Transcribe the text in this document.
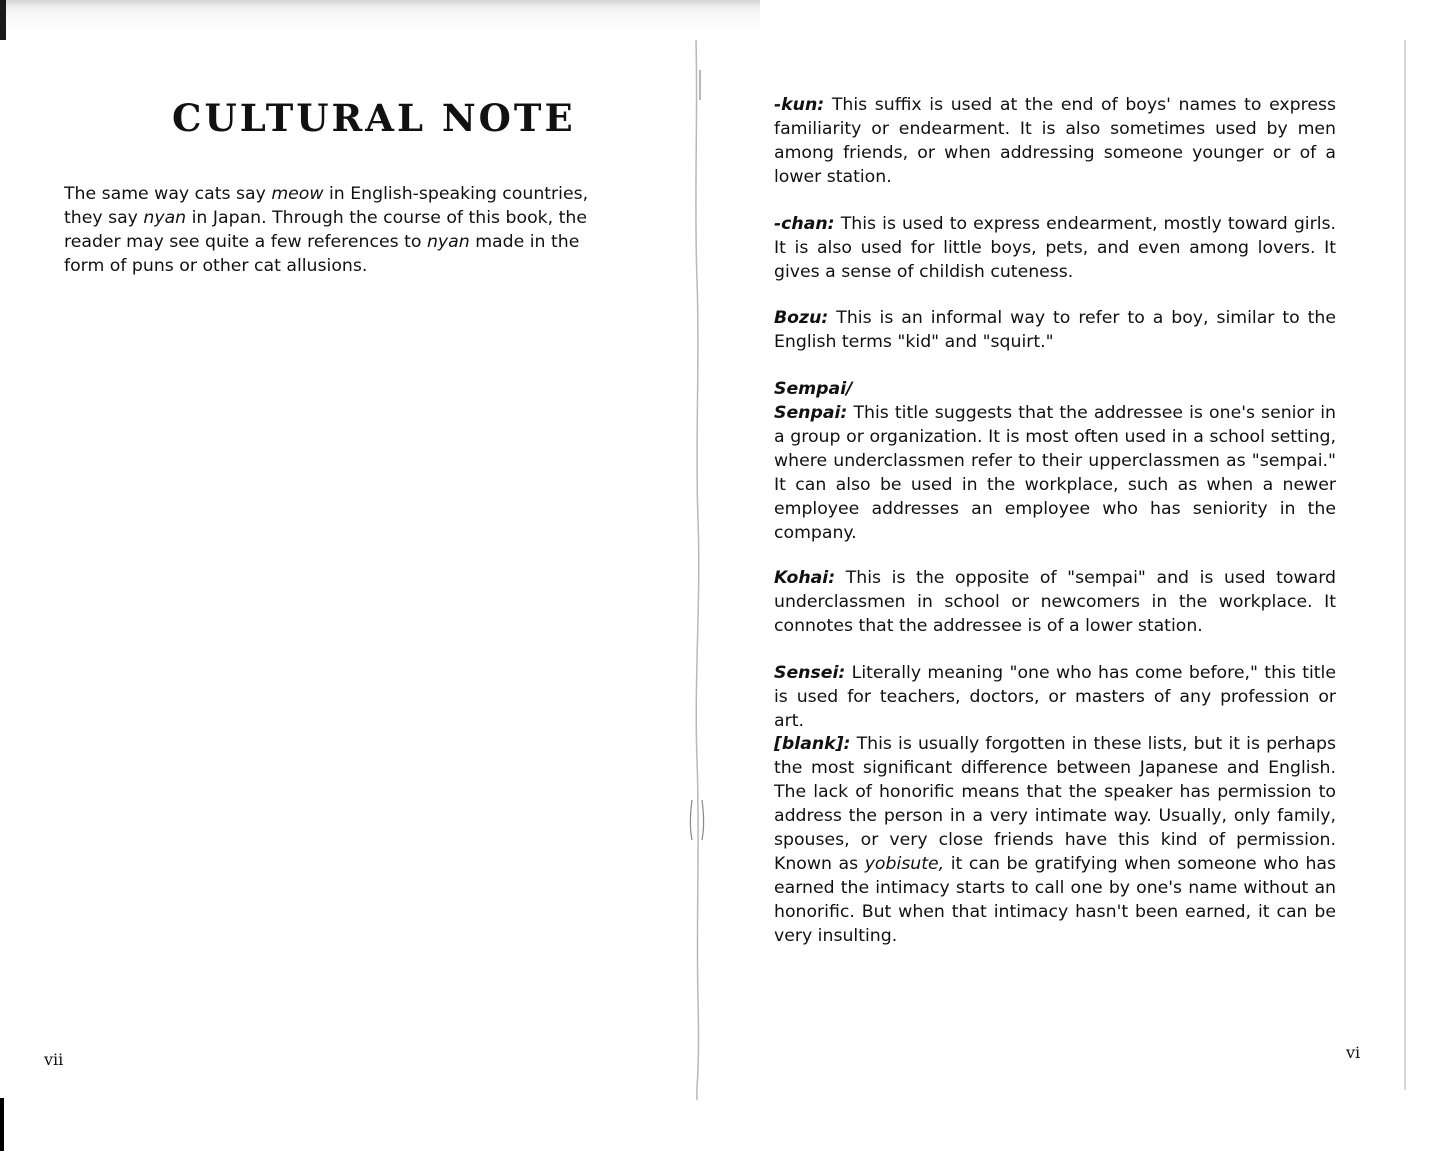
CULTURAL NOTE

The same way cats say meow in English-speaking countries, they say nyan in Japan. Through the course of this book, the reader may see quite a few references to nyan made in the form of puns or other cat allusions.

vii

-kun: This suffix is used at the end of boys' names to express familiarity or endearment. It is also sometimes used by men among friends, or when addressing someone younger or of a lower station.

-chan: This is used to express endearment, mostly toward girls. It is also used for little boys, pets, and even among lovers. It gives a sense of childish cuteness.

Bozu: This is an informal way to refer to a boy, similar to the English terms "kid" and "squirt."

Sempai/
Senpai: This title suggests that the addressee is one's senior in a group or organization. It is most often used in a school setting, where underclassmen refer to their upperclassmen as "sempai." It can also be used in the workplace, such as when a newer employee addresses an employee who has seniority in the company.

Kohai: This is the opposite of "sempai" and is used toward underclassmen in school or newcomers in the workplace. It connotes that the addressee is of a lower station.

Sensei: Literally meaning "one who has come before," this title is used for teachers, doctors, or masters of any profession or art.

[blank]: This is usually forgotten in these lists, but it is perhaps the most significant difference between Japanese and English. The lack of honorific means that the speaker has permission to address the person in a very intimate way. Usually, only family, spouses, or very close friends have this kind of permission. Known as yobisute, it can be gratifying when someone who has earned the intimacy starts to call one by one's name without an honorific. But when that intimacy hasn't been earned, it can be very insulting.

vi
